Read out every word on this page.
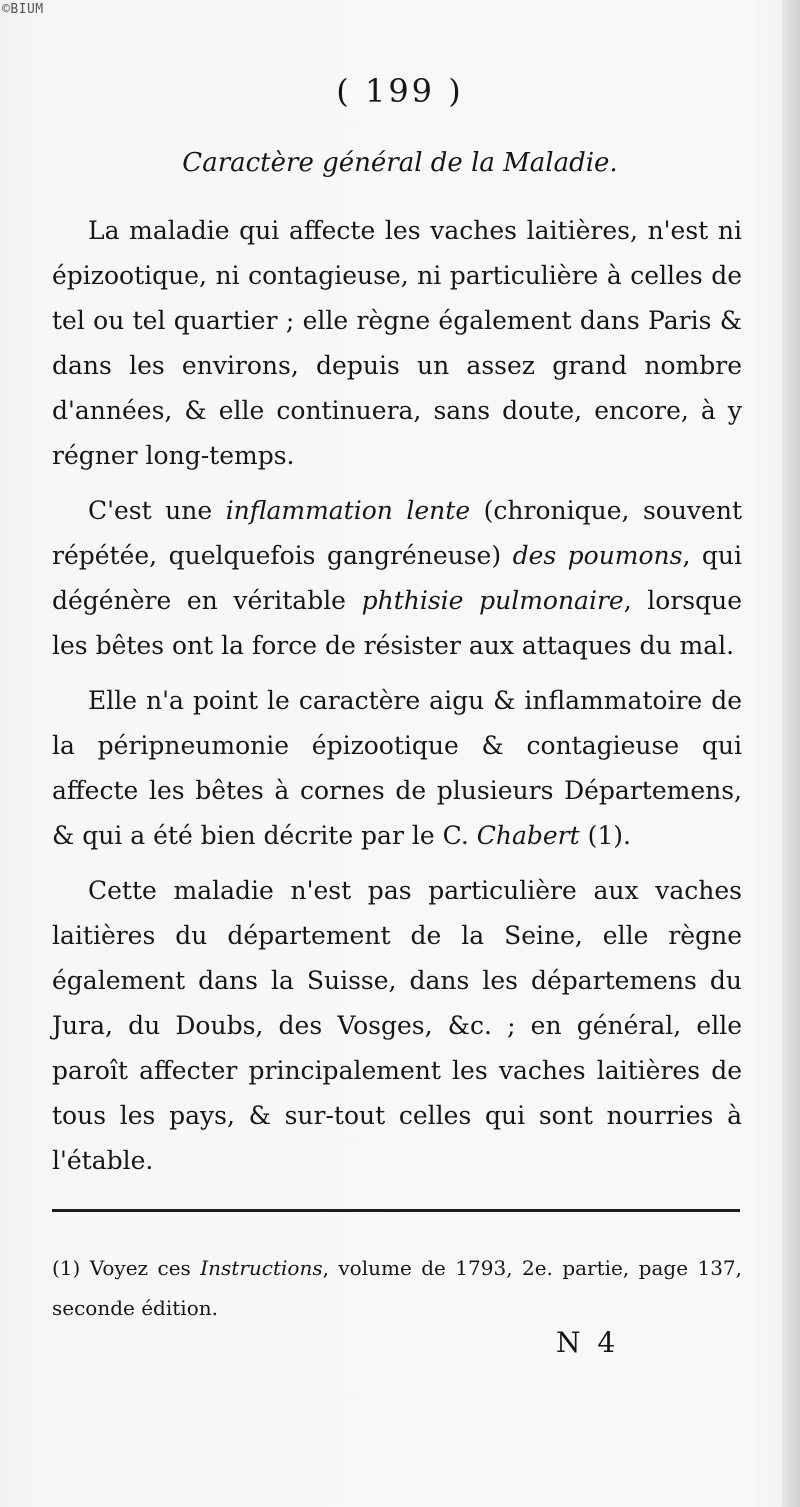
©BIUM
( 199 )
Caractère général de la Maladie.

La maladie qui affecte les vaches laitières, n'est ni épizootique, ni contagieuse, ni particulière à celles de tel ou tel quartier ; elle règne également dans Paris & dans les environs, depuis un assez grand nombre d'années, & elle continuera, sans doute, encore, à y régner long-temps.

C'est une inflammation lente (chronique, souvent répétée, quelquefois gangréneuse) des poumons, qui dégénère en véritable phthisie pulmonaire, lorsque les bêtes ont la force de résister aux attaques du mal.

Elle n'a point le caractère aigu & inflammatoire de la péripneumonie épizootique & contagieuse qui affecte les bêtes à cornes de plusieurs Départemens, & qui a été bien décrite par le C. Chabert (1).

Cette maladie n'est pas particulière aux vaches laitières du département de la Seine, elle règne également dans la Suisse, dans les départemens du Jura, du Doubs, des Vosges, &c. ; en général, elle paroît affecter principalement les vaches laitières de tous les pays, & sur-tout celles qui sont nourries à l'étable.

(1) Voyez ces Instructions, volume de 1793, 2e. partie, page 137, seconde édition.
N 4
